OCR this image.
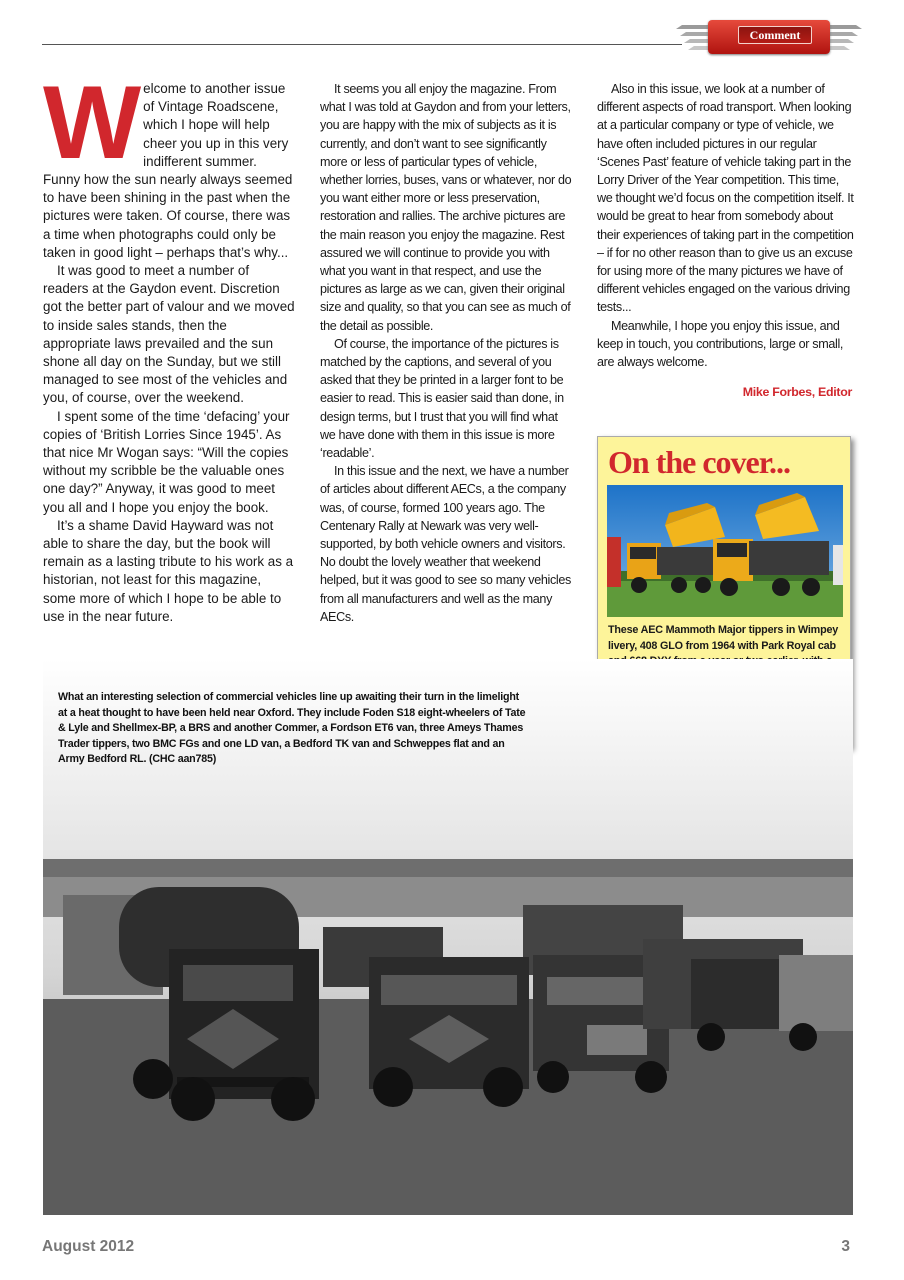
Comment
W elcome to another issue of Vintage Roadscene, which I hope will help cheer you up in this very indifferent summer. Funny how the sun nearly always seemed to have been shining in the past when the pictures were taken. Of course, there was a time when photographs could only be taken in good light – perhaps that’s why...

It was good to meet a number of readers at the Gaydon event. Discretion got the better part of valour and we moved to inside sales stands, then the appropriate laws prevailed and the sun shone all day on the Sunday, but we still managed to see most of the vehicles and you, of course, over the weekend.

I spent some of the time ‘defacing’ your copies of ‘British Lorries Since 1945’. As that nice Mr Wogan says: “Will the copies without my scribble be the valuable ones one day?” Anyway, it was good to meet you all and I hope you enjoy the book.

It’s a shame David Hayward was not able to share the day, but the book will remain as a lasting tribute to his work as a historian, not least for this magazine, some more of which I hope to be able to use in the near future.

It seems you all enjoy the magazine. From what I was told at Gaydon and from your letters, you are happy with the mix of subjects as it is currently, and don’t want to see significantly more or less of particular types of vehicle, whether lorries, buses, vans or whatever, nor do you want either more or less preservation, restoration and rallies. The archive pictures are the main reason you enjoy the magazine. Rest assured we will continue to provide you with what you want in that respect, and use the pictures as large as we can, given their original size and quality, so that you can see as much of the detail as possible.

Of course, the importance of the pictures is matched by the captions, and several of you asked that they be printed in a larger font to be easier to read. This is easier said than done, in design terms, but I trust that you will find what we have done with them in this issue is more ‘readable’.

In this issue and the next, we have a number of articles about different AECs, a the company was, of course, formed 100 years ago. The Centenary Rally at Newark was very well-supported, by both vehicle owners and visitors. No doubt the lovely weather that weekend helped, but it was good to see so many vehicles from all manufacturers and well as the many AECs.

Also in this issue, we look at a number of different aspects of road transport. When looking at a particular company or type of vehicle, we have often included pictures in our regular ‘Scenes Past’ feature of vehicle taking part in the Lorry Driver of the Year competition. This time, we thought we’d focus on the competition itself. It would be great to hear from somebody about their experiences of taking part in the competition – if for no other reason than to give us an excuse for using more of the many pictures we have of different vehicles engaged on the various driving tests...

Meanwhile, I hope you enjoy this issue, and keep in touch, you contributions, large or small, are always welcome.

Mike Forbes, Editor
On the cover...
These AEC Mammoth Major tippers in Wimpey livery, 408 GLO from 1964 with Park Royal cab
What an interesting selection of commercial vehicles line up awaiting their turn in the limelight at a heat thought to have been held near Oxford. They include Foden S18 eight-wheelers of Tate & Lyle and Shellmex-BP, a BRS and another Commer, a Fordson ET6 van, three Ameys Thames Trader tippers, two BMC FGs and one LD van, a Bedford TK van and Schweppes flat and an Army Bedford RL. (CHC aan785)
August 2012	3
